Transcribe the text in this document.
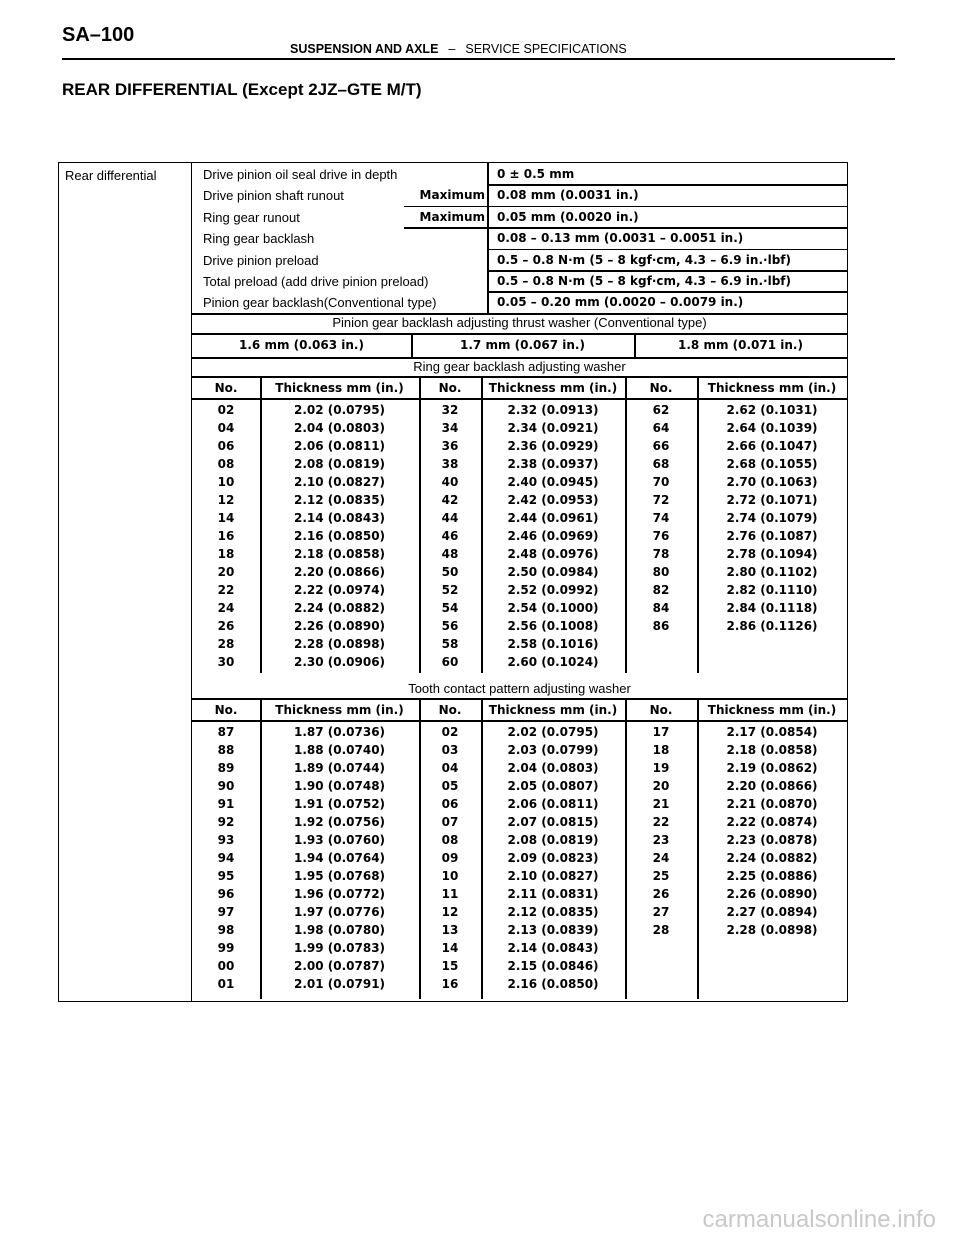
SA–100
SUSPENSION AND AXLE – SERVICE SPECIFICATIONS
REAR DIFFERENTIAL (Except 2JZ–GTE M/T)
Rear differential	Drive pinion oil seal drive in depth	0 ± 0.5 mm
Drive pinion shaft runout	Maximum 0.08 mm (0.0031 in.)
Ring gear runout	Maximum 0.05 mm (0.0020 in.)
Ring gear backlash	0.08 – 0.13 mm (0.0031 – 0.0051 in.)
Drive pinion preload	0.5 – 0.8 N·m (5 – 8 kgf·cm, 4.3 – 6.9 in.·lbf)
Total preload (add drive pinion preload)	0.5 – 0.8 N·m (5 – 8 kgf·cm, 4.3 – 6.9 in.·lbf)
Pinion gear backlash(Conventional type)	0.05 – 0.20 mm (0.0020 – 0.0079 in.)
Pinion gear backlash adjusting thrust washer (Conventional type)
1.6 mm (0.063 in.)	1.7 mm (0.067 in.)	1.8 mm (0.071 in.)
Ring gear backlash adjusting washer
No.	Thickness mm (in.)
02	2.02 (0.0795)
04	2.04 (0.0803)
06	2.06 (0.0811)
08	2.08 (0.0819)
10	2.10 (0.0827)
12	2.12 (0.0835)
14	2.14 (0.0843)
16	2.16 (0.0850)
18	2.18 (0.0858)
20	2.20 (0.0866)
22	2.22 (0.0974)
24	2.24 (0.0882)
26	2.26 (0.0890)
28	2.28 (0.0898)
30	2.30 (0.0906)
No.	Thickness mm (in.)
32	2.32 (0.0913)
34	2.34 (0.0921)
36	2.36 (0.0929)
38	2.38 (0.0937)
40	2.40 (0.0945)
42	2.42 (0.0953)
44	2.44 (0.0961)
46	2.46 (0.0969)
48	2.48 (0.0976)
50	2.50 (0.0984)
52	2.52 (0.0992)
54	2.54 (0.1000)
56	2.56 (0.1008)
58	2.58 (0.1016)
60	2.60 (0.1024)
No.	Thickness mm (in.)
62	2.62 (0.1031)
64	2.64 (0.1039)
66	2.66 (0.1047)
68	2.68 (0.1055)
70	2.70 (0.1063)
72	2.72 (0.1071)
74	2.74 (0.1079)
76	2.76 (0.1087)
78	2.78 (0.1094)
80	2.80 (0.1102)
82	2.82 (0.1110)
84	2.84 (0.1118)
86	2.86 (0.1126)
Tooth contact pattern adjusting washer
No.	Thickness mm (in.)
87	1.87 (0.0736)
88	1.88 (0.0740)
89	1.89 (0.0744)
90	1.90 (0.0748)
91	1.91 (0.0752)
92	1.92 (0.0756)
93	1.93 (0.0760)
94	1.94 (0.0764)
95	1.95 (0.0768)
96	1.96 (0.0772)
97	1.97 (0.0776)
98	1.98 (0.0780)
99	1.99 (0.0783)
00	2.00 (0.0787)
01	2.01 (0.0791)
No.	Thickness mm (in.)
02	2.02 (0.0795)
03	2.03 (0.0799)
04	2.04 (0.0803)
05	2.05 (0.0807)
06	2.06 (0.0811)
07	2.07 (0.0815)
08	2.08 (0.0819)
09	2.09 (0.0823)
10	2.10 (0.0827)
11	2.11 (0.0831)
12	2.12 (0.0835)
13	2.13 (0.0839)
14	2.14 (0.0843)
15	2.15 (0.0846)
16	2.16 (0.0850)
No.	Thickness mm (in.)
17	2.17 (0.0854)
18	2.18 (0.0858)
19	2.19 (0.0862)
20	2.20 (0.0866)
21	2.21 (0.0870)
22	2.22 (0.0874)
23	2.23 (0.0878)
24	2.24 (0.0882)
25	2.25 (0.0886)
26	2.26 (0.0890)
27	2.27 (0.0894)
28	2.28 (0.0898)
carmanualsonline.info
